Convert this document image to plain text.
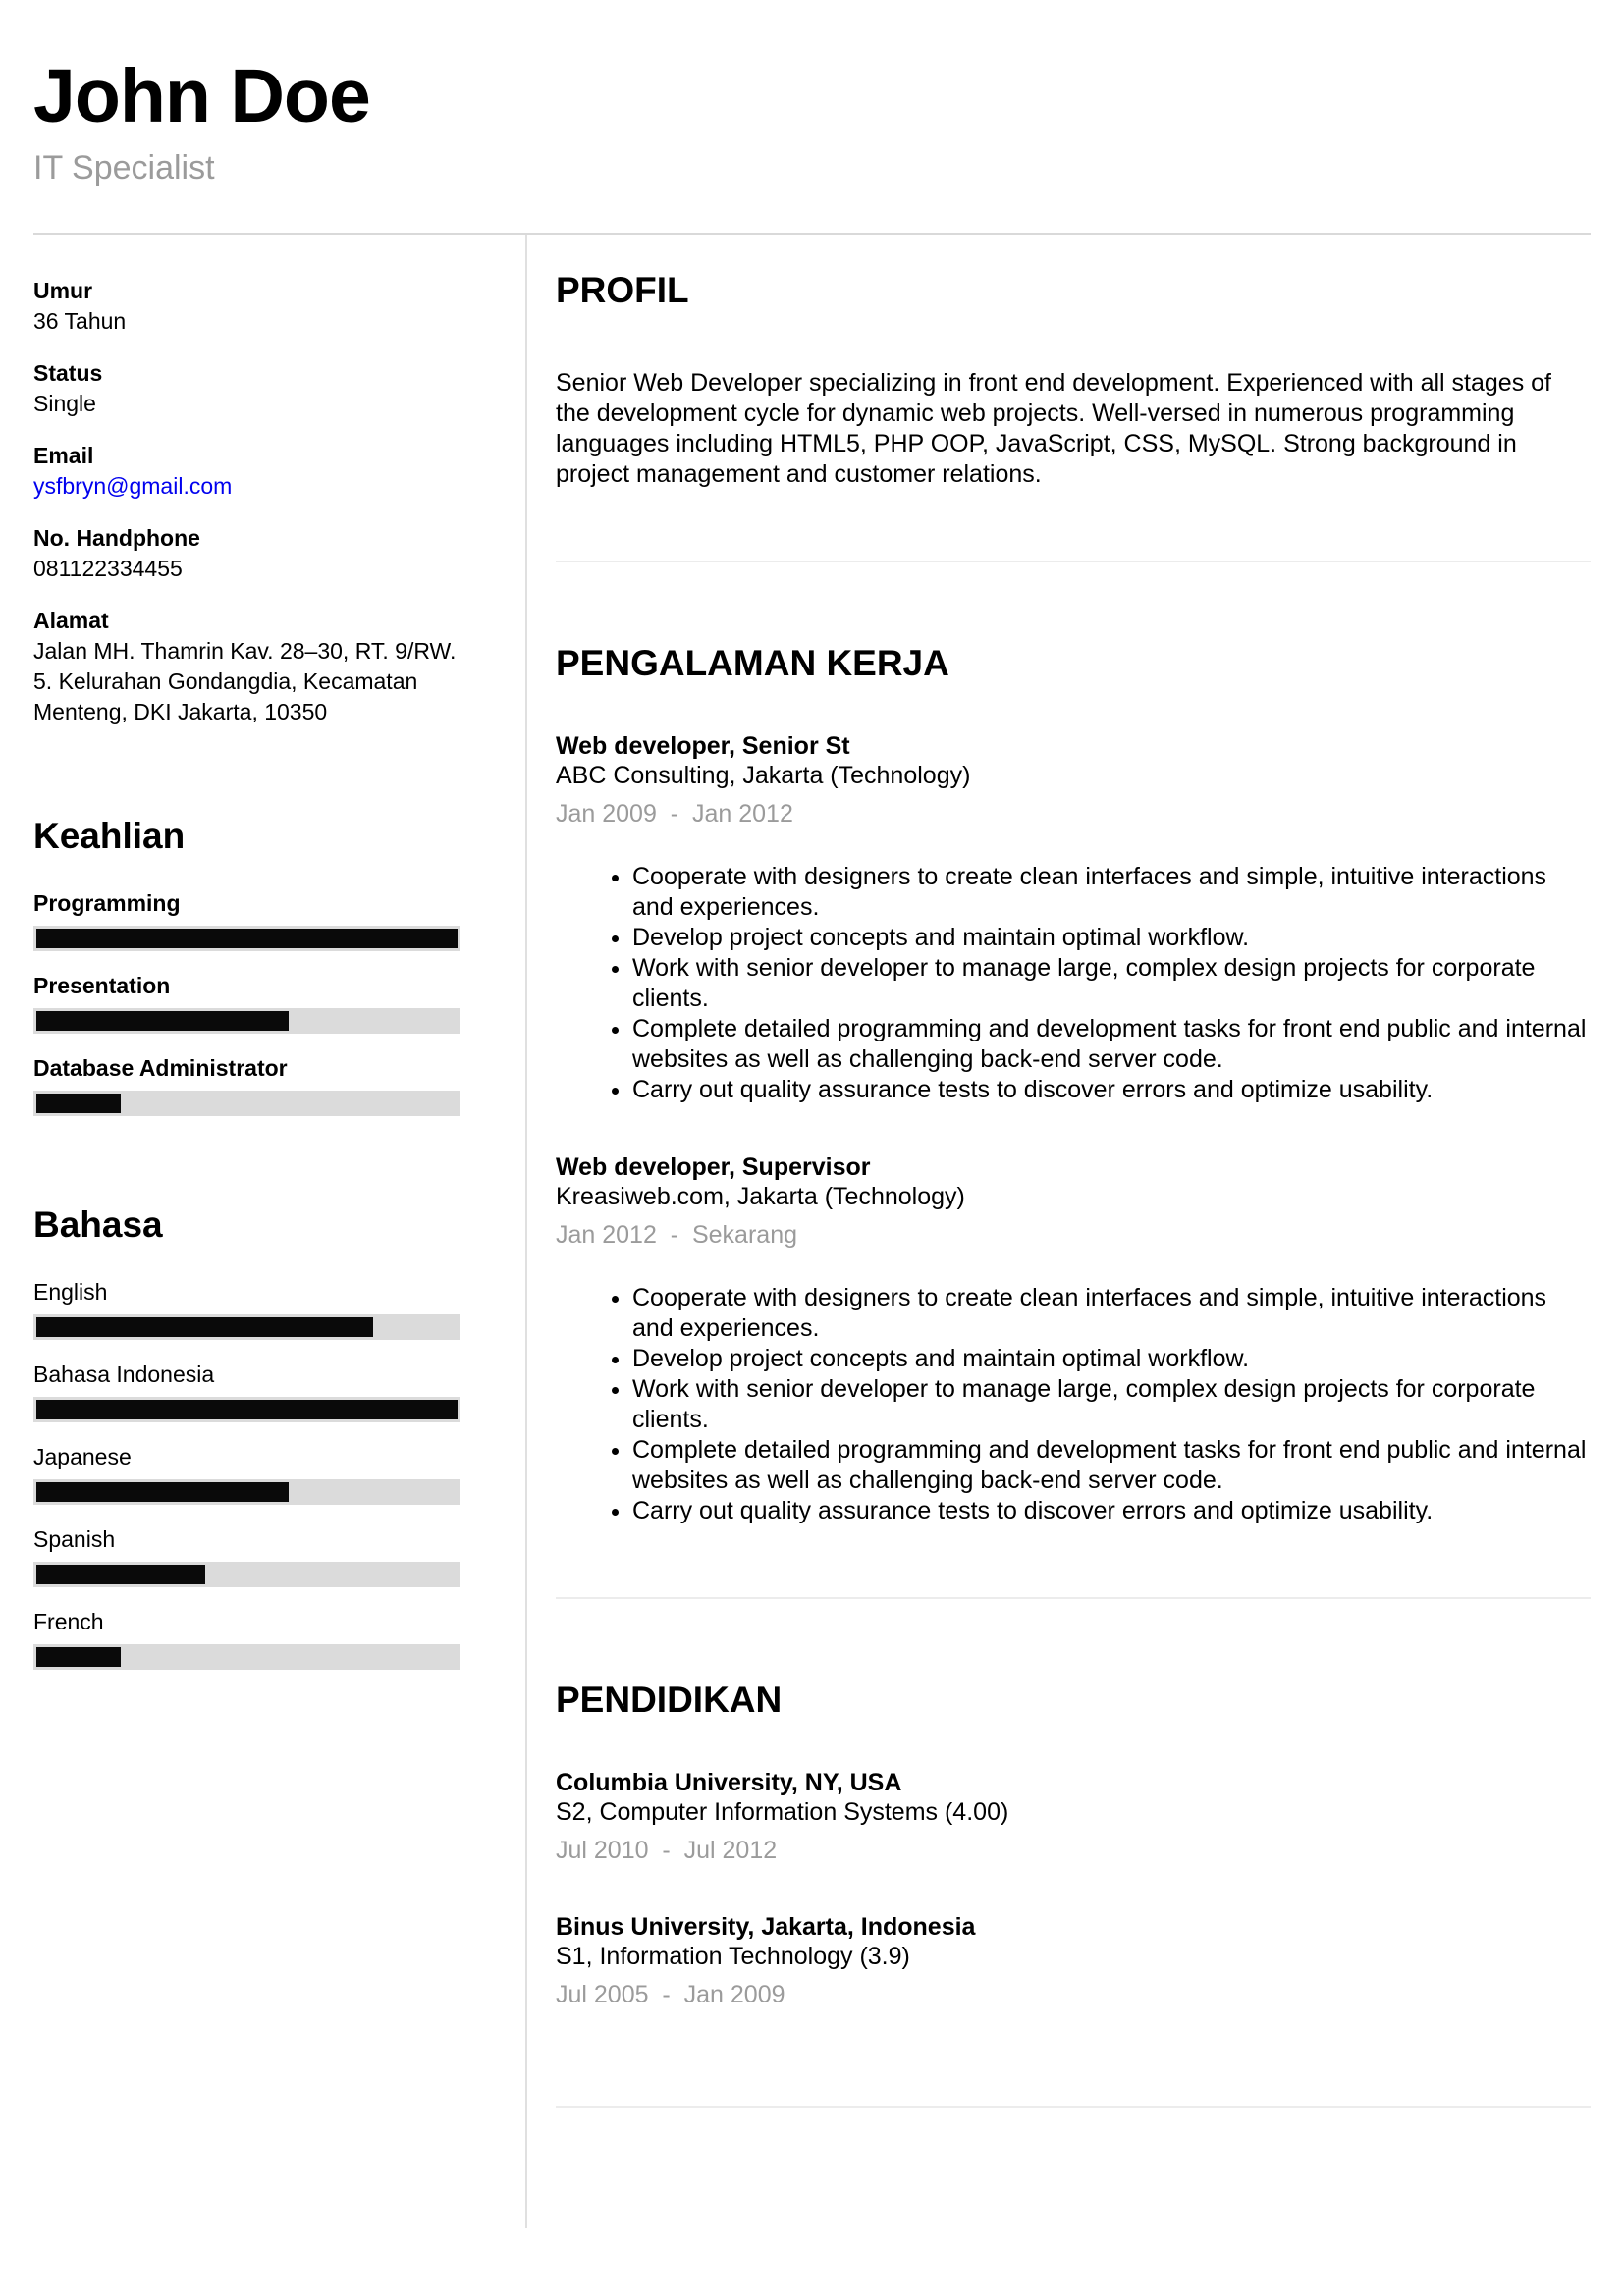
John Doe
IT Specialist
Umur
36 Tahun
Status
Single
Email
ysfbryn@gmail.com
No. Handphone
081122334455
Alamat
Jalan MH. Thamrin Kav. 28–30, RT. 9/RW. 5. Kelurahan Gondangdia, Kecamatan Menteng, DKI Jakarta, 10350
Keahlian
Programming
Presentation
Database Administrator
Bahasa
English
Bahasa Indonesia
Japanese
Spanish
French
PROFIL

Senior Web Developer specializing in front end development. Experienced with all stages of the development cycle for dynamic web projects. Well-versed in numerous programming languages including HTML5, PHP OOP, JavaScript, CSS, MySQL. Strong background in project management and customer relations.

PENGALAMAN KERJA
Web developer, Senior St
ABC Consulting, Jakarta (Technology)
Jan 2009  -  Jan 2012
• Cooperate with designers to create clean interfaces and simple, intuitive interactions and experiences.
• Develop project concepts and maintain optimal workflow.
• Work with senior developer to manage large, complex design projects for corporate clients.
• Complete detailed programming and development tasks for front end public and internal websites as well as challenging back-end server code.
• Carry out quality assurance tests to discover errors and optimize usability.
Web developer, Supervisor
Kreasiweb.com, Jakarta (Technology)
Jan 2012  -  Sekarang
• Cooperate with designers to create clean interfaces and simple, intuitive interactions and experiences.
• Develop project concepts and maintain optimal workflow.
• Work with senior developer to manage large, complex design projects for corporate clients.
• Complete detailed programming and development tasks for front end public and internal websites as well as challenging back-end server code.
• Carry out quality assurance tests to discover errors and optimize usability.
PENDIDIKAN
Columbia University, NY, USA
S2, Computer Information Systems (4.00)
Jul 2010  -  Jul 2012
Binus University, Jakarta, Indonesia
S1, Information Technology (3.9)
Jul 2005  -  Jan 2009
